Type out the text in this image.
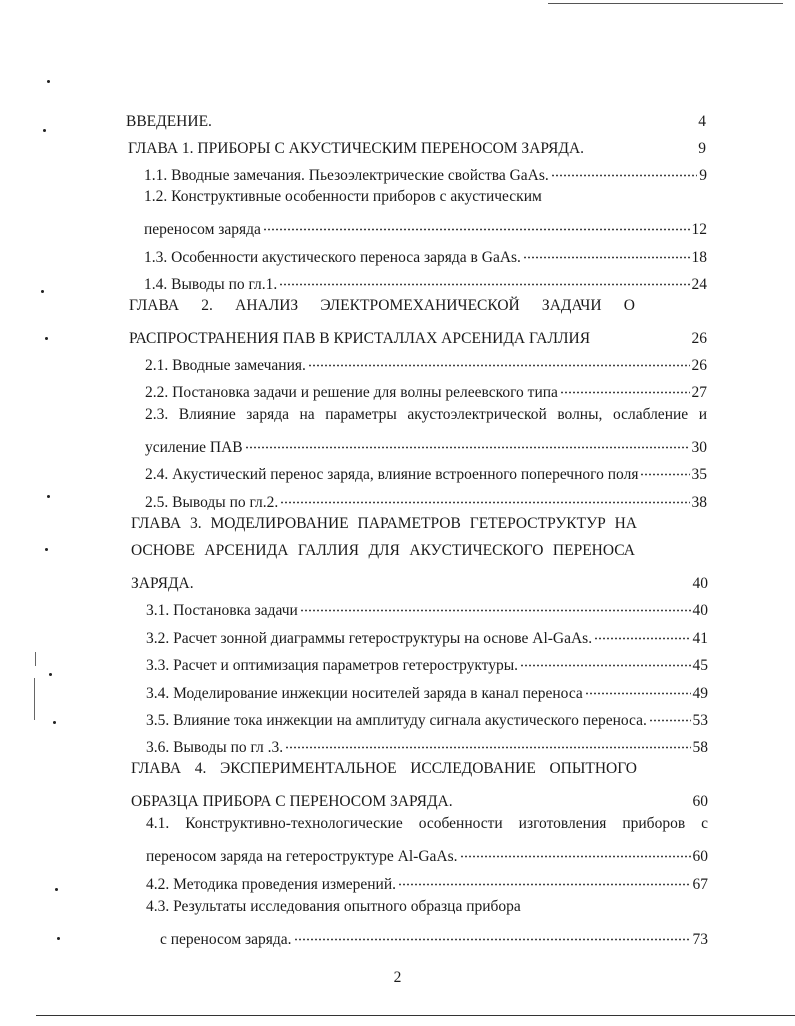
ВВЕДЕНИЕ.	4
ГЛАВА 1. ПРИБОРЫ С АКУСТИЧЕСКИМ ПЕРЕНОСОМ ЗАРЯДА.	9
1.1. Вводные замечания. Пьезоэлектрические свойства GaAs.	9
1.2. Конструктивные особенности приборов с акустическим
переносом заряда	12
1.3. Особенности акустического переноса заряда в GaAs.	18
1.4. Выводы по гл.1.	24
ГЛАВА 2. АНАЛИЗ ЭЛЕКТРОМЕХАНИЧЕСКОЙ ЗАДАЧИ О
РАСПРОСТРАНЕНИЯ ПАВ В КРИСТАЛЛАХ АРСЕНИДА ГАЛЛИЯ	26
2.1. Вводные замечания.	26
2.2. Постановка задачи и решение для волны релеевского типа	27
2.3. Влияние заряда на параметры акустоэлектрической волны, ослабление и
усиление ПАВ	30
2.4. Акустический перенос заряда, влияние встроенного поперечного поля	35
2.5. Выводы по гл.2.	38
ГЛАВА 3. МОДЕЛИРОВАНИЕ ПАРАМЕТРОВ ГЕТЕРОСТРУКТУР НА
ОСНОВЕ АРСЕНИДА ГАЛЛИЯ ДЛЯ АКУСТИЧЕСКОГО ПЕРЕНОСА
ЗАРЯДА.	40
3.1. Постановка задачи	40
3.2. Расчет зонной диаграммы гетероструктуры на основе Al-GaAs.	41
3.3. Расчет и оптимизация параметров гетероструктуры.	45
3.4. Моделирование инжекции носителей заряда в канал переноса	49
3.5. Влияние тока инжекции на амплитуду сигнала акустического переноса.	53
3.6. Выводы по гл .3.	58
ГЛАВА 4. ЭКСПЕРИМЕНТАЛЬНОЕ ИССЛЕДОВАНИЕ ОПЫТНОГО
ОБРАЗЦА ПРИБОРА С ПЕРЕНОСОМ ЗАРЯДА.	60
4.1. Конструктивно-технологические особенности изготовления приборов с
переносом заряда на гетероструктуре Al-GaAs.	60
4.2. Методика проведения измерений.	67
4.3. Результаты исследования опытного образца прибора
с переносом заряда.	73
2
